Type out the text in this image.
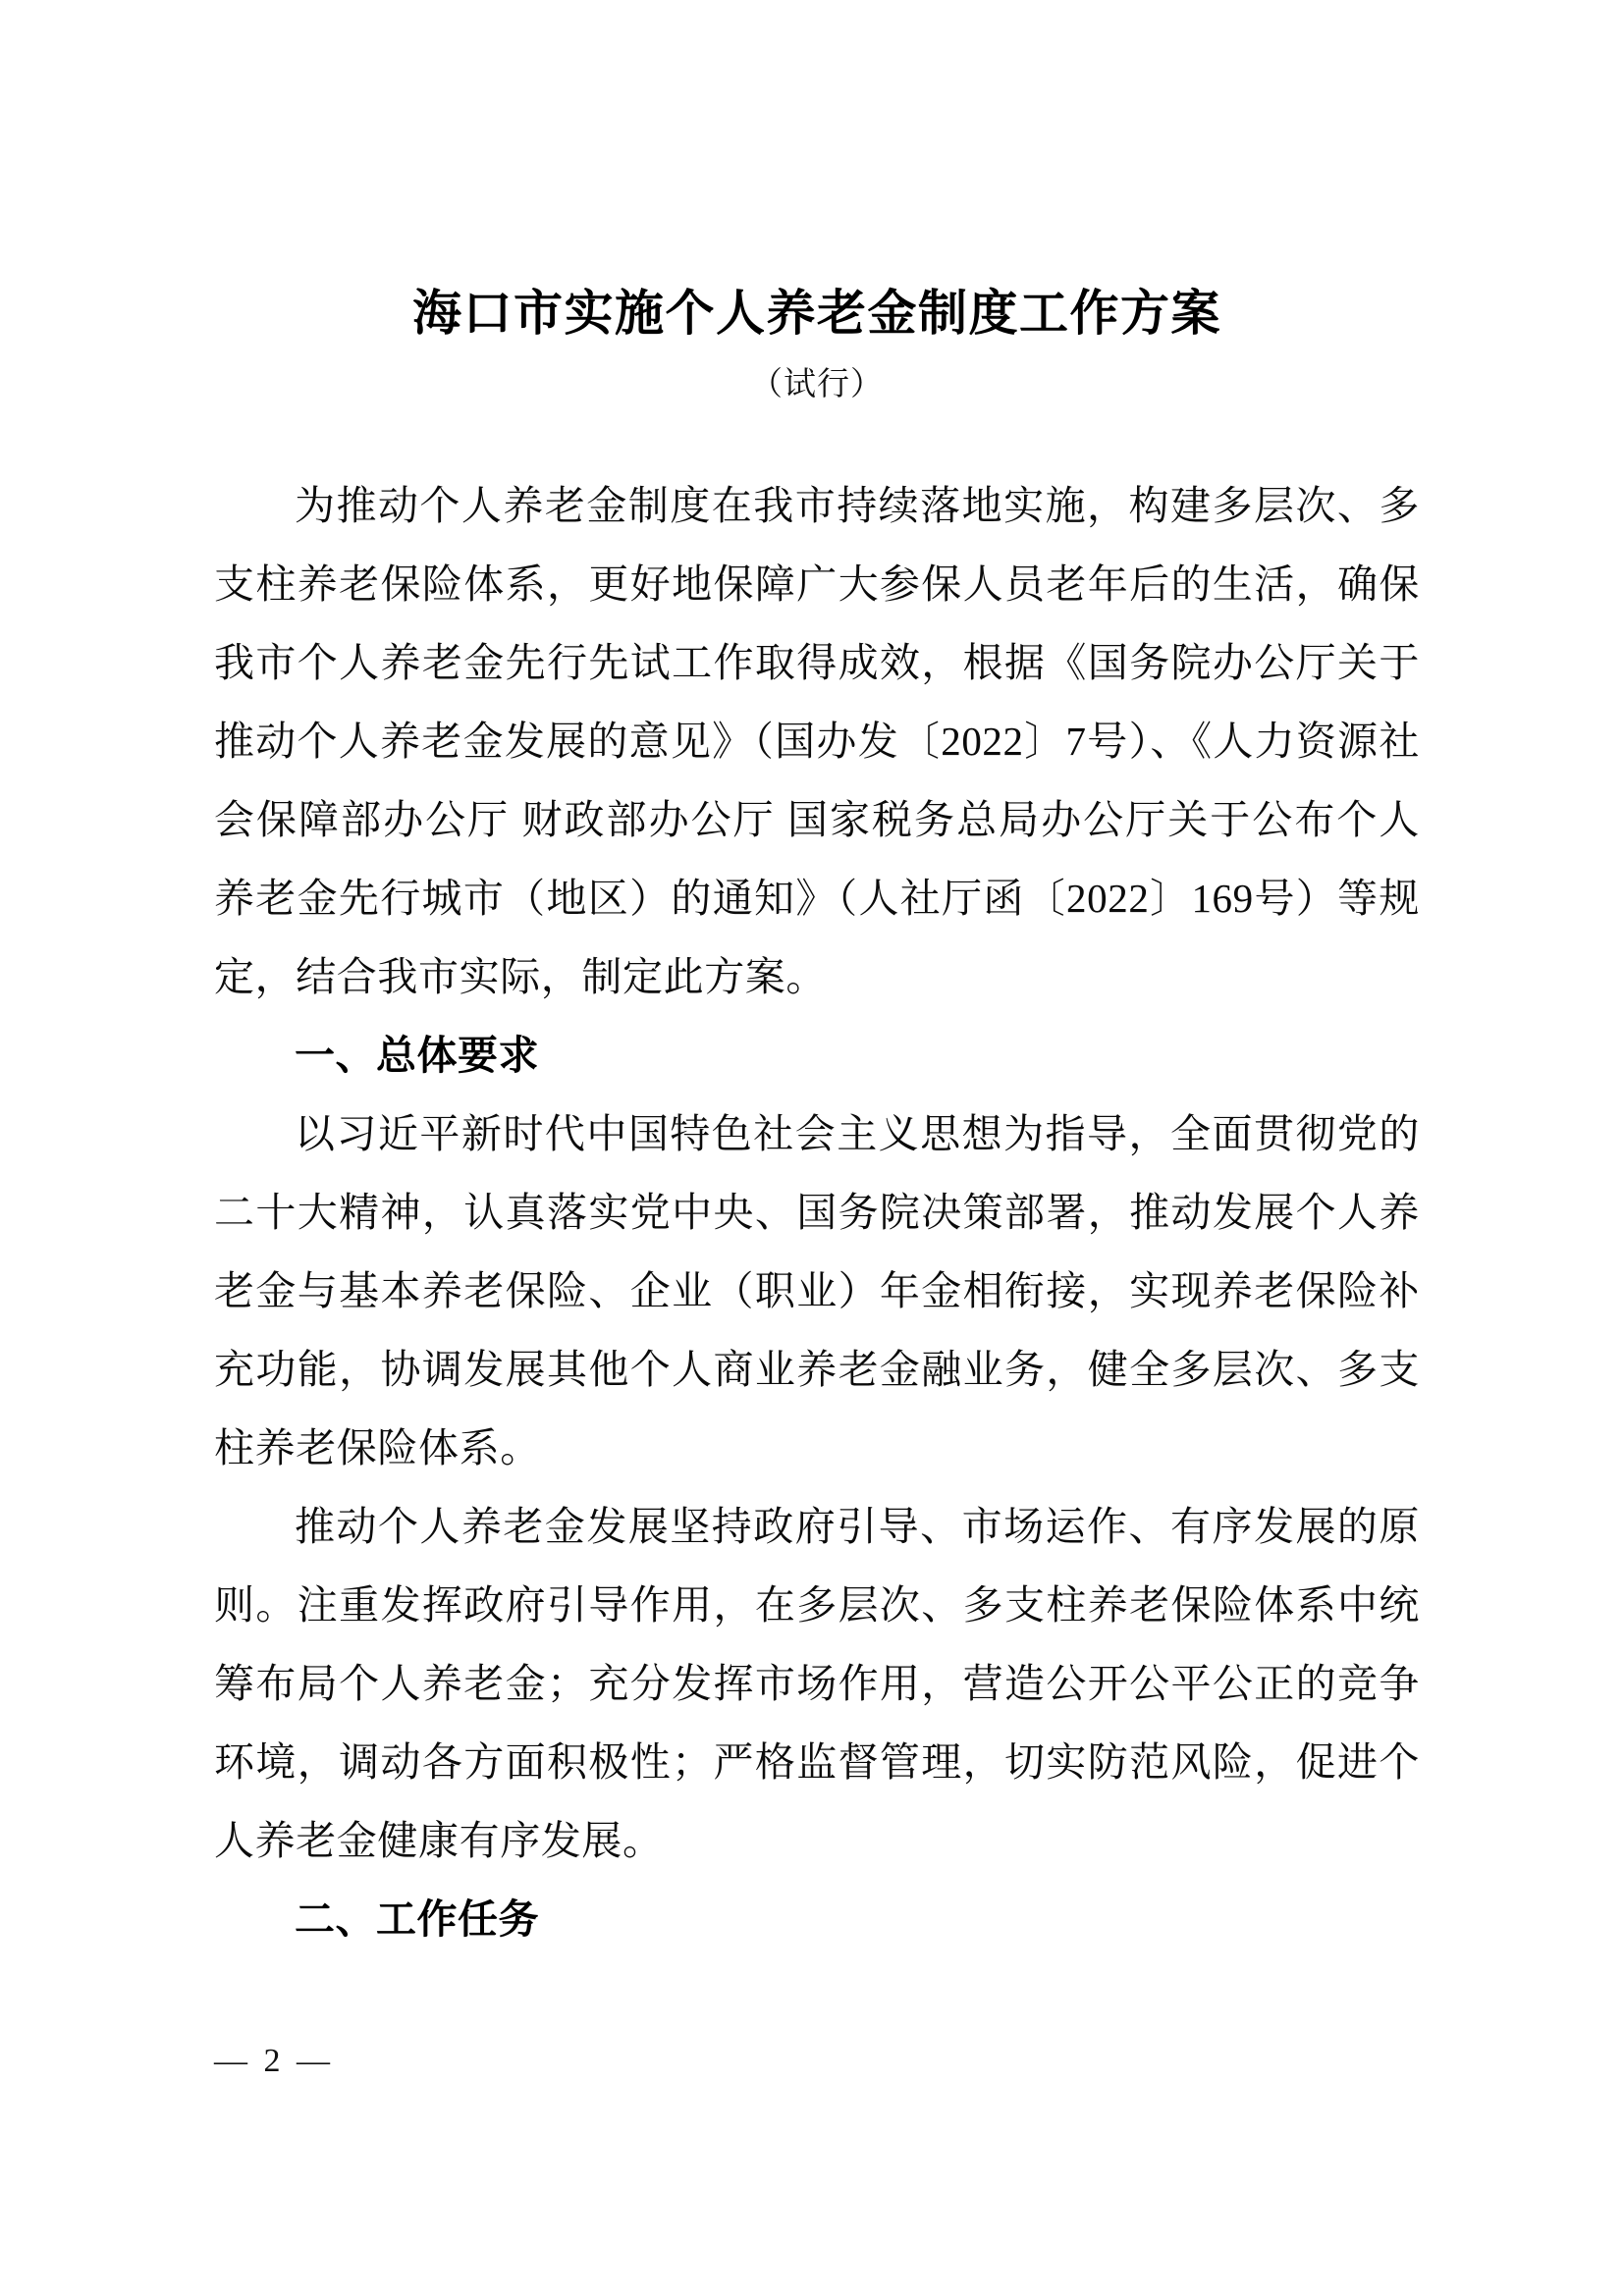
海口市实施个人养老金制度工作方案
（试行）

为推动个人养老金制度在我市持续落地实施，构建多层次、多支柱养老保险体系，更好地保障广大参保人员老年后的生活，确保我市个人养老金先行先试工作取得成效，根据《国务院办公厅关于推动个人养老金发展的意见》（国办发〔2022〕7号）、《人力资源社会保障部办公厅 财政部办公厅 国家税务总局办公厅关于公布个人养老金先行城市（地区）的通知》（人社厅函〔2022〕169号）等规定，结合我市实际，制定此方案。

一、总体要求

以习近平新时代中国特色社会主义思想为指导，全面贯彻党的二十大精神，认真落实党中央、国务院决策部署，推动发展个人养老金与基本养老保险、企业（职业）年金相衔接，实现养老保险补充功能，协调发展其他个人商业养老金融业务，健全多层次、多支柱养老保险体系。

推动个人养老金发展坚持政府引导、市场运作、有序发展的原则。注重发挥政府引导作用，在多层次、多支柱养老保险体系中统筹布局个人养老金；充分发挥市场作用，营造公开公平公正的竞争环境，调动各方面积极性；严格监督管理，切实防范风险，促进个人养老金健康有序发展。

二、工作任务
— 2 —
